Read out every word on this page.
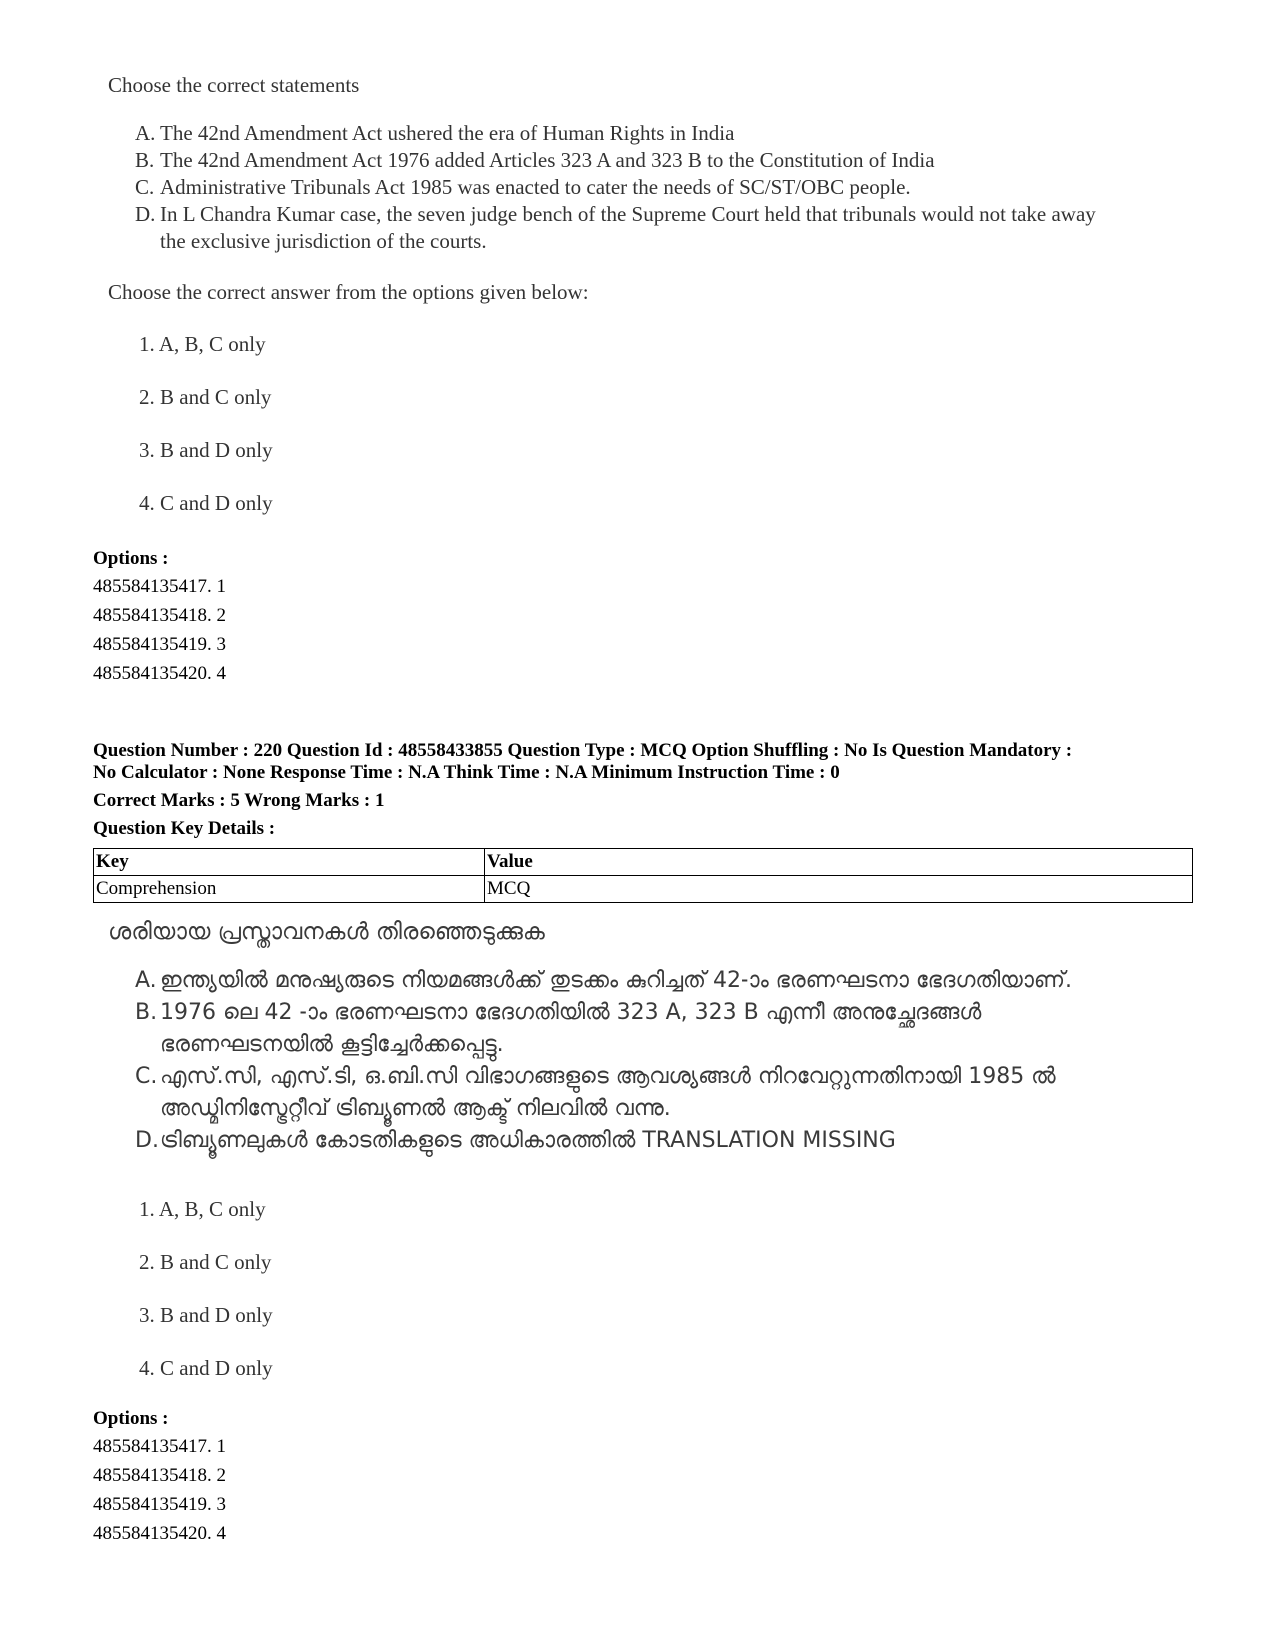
Choose the correct statements
A. The 42nd Amendment Act ushered the era of Human Rights in India
B. The 42nd Amendment Act 1976 added Articles 323 A and 323 B to the Constitution of India
C. Administrative Tribunals Act 1985 was enacted to cater the needs of SC/ST/OBC people.
D. In L Chandra Kumar case, the seven judge bench of the Supreme Court held that tribunals would not take away the exclusive jurisdiction of the courts.
Choose the correct answer from the options given below:
1. A, B, C only
2. B and C only
3. B and D only
4. C and D only
Options :
485584135417. 1
485584135418. 2
485584135419. 3
485584135420. 4
Question Number : 220 Question Id : 48558433855 Question Type : MCQ Option Shuffling : No Is Question Mandatory :
No Calculator : None Response Time : N.A Think Time : N.A Minimum Instruction Time : 0
Correct Marks : 5 Wrong Marks : 1
Question Key Details :
Key	Value
Comprehension	MCQ
ശരിയായ പ്രസ്താവനകൾ തിരഞ്ഞെടുക്കുക
A. ഇന്ത്യയിൽ മനുഷ്യരുടെ നിയമങ്ങൾക്ക് തുടക്കം കുറിച്ചത് 42-ാം ഭരണഘടനാ ഭേദഗതിയാണ്.
B. 1976 ലെ 42 -ാം ഭരണഘടനാ ഭേദഗതിയിൽ 323 A, 323 B എന്നീ അനുച്ഛേദങ്ങൾ ഭരണഘടനയിൽ കൂട്ടിച്ചേർക്കപ്പെട്ടു.
C. എസ്.സി, എസ്.ടി, ഒ.ബി.സി വിഭാഗങ്ങളുടെ ആവശ്യങ്ങൾ നിറവേറ്റുന്നതിനായി 1985 ൽ അഡ്മിനിസ്ട്രേറ്റീവ് ട്രിബ്യൂണൽ ആക്ട് നിലവിൽ വന്നു.
D. ട്രിബ്യൂണലുകൾ കോടതികളുടെ അധികാരത്തിൽ TRANSLATION MISSING
1. A, B, C only
2. B and C only
3. B and D only
4. C and D only
Options :
485584135417. 1
485584135418. 2
485584135419. 3
485584135420. 4
